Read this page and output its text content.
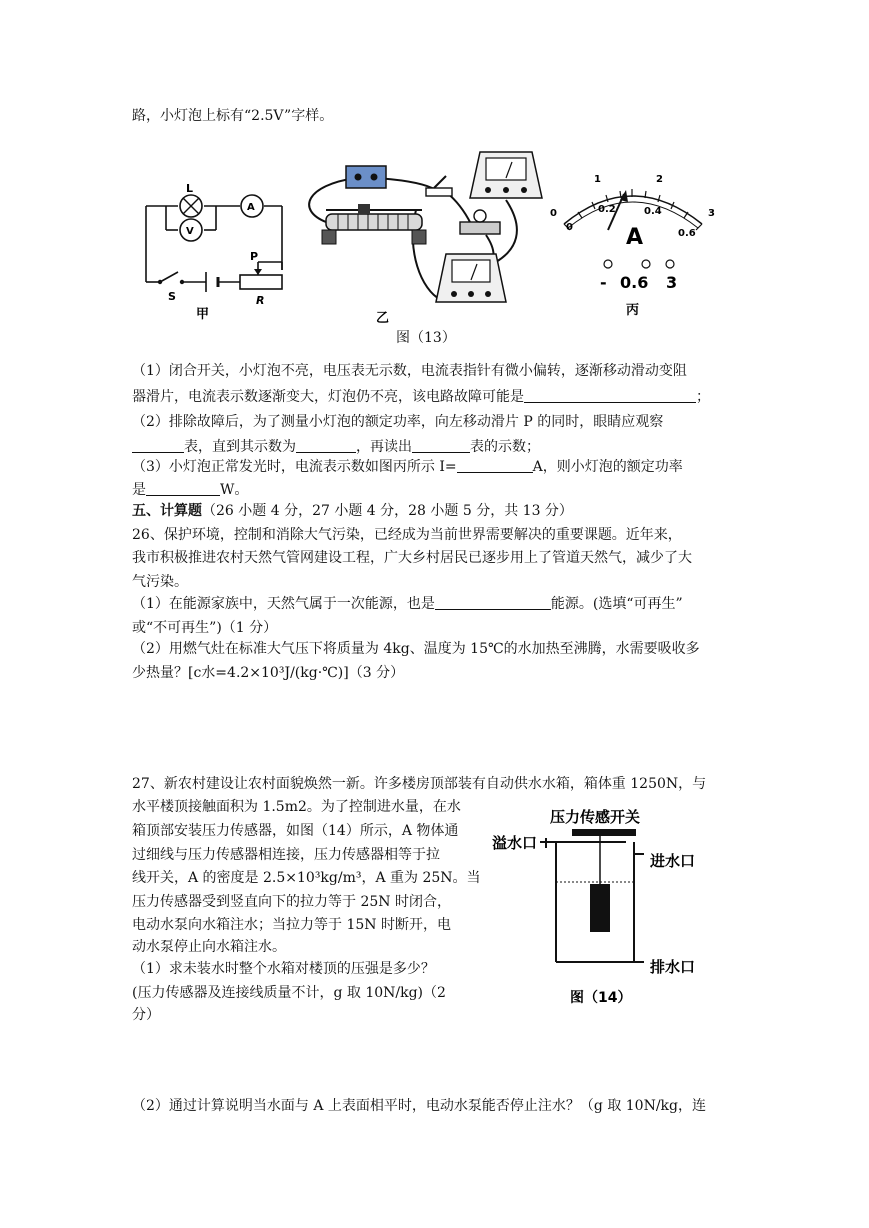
路，小灯泡上标有“2.5V”字样。
L
A
V
P
S	R
甲	乙
0
1	2
3
0
0.2	0.4
0.6
A
- 0.6 3
丙
图（13）
（1）闭合开关，小灯泡不亮，电压表无示数，电流表指针有微小偏转，逐渐移动滑动变阻
器滑片，电流表示数逐渐变大，灯泡仍不亮，该电路故障可能是	；
（2）排除故障后，为了测量小灯泡的额定功率，向左移动滑片 P 的同时，眼睛应观察
表，直到其示数为	，再读出	表的示数；
（3）小灯泡正常发光时，电流表示数如图丙所示 I=	A，则小灯泡的额定功率
是	W。
五、计算题（26 小题 4 分，27 小题 4 分，28 小题 5 分，共 13 分）
26、保护环境，控制和消除大气污染，已经成为当前世界需要解决的重要课题。近年来，
我市积极推进农村天然气管网建设工程，广大乡村居民已逐步用上了管道天然气，减少了大
气污染。
（1）在能源家族中，天然气属于一次能源，也是	能源。(选填“可再生”
或“不可再生”)（1 分）
（2）用燃气灶在标准大气压下将质量为 4kg、温度为 15℃的水加热至沸腾，水需要吸收多
少热量？[c水=4.2×10³J/(kg·℃)]（3 分）
27、新农村建设让农村面貌焕然一新。许多楼房顶部装有自动供水水箱，箱体重 1250N，与
水平楼顶接触面积为 1.5m2。为了控制进水量，在水
箱顶部安装压力传感器，如图（14）所示，A 物体通
过细线与压力传感器相连接，压力传感器相等于拉
线开关，A 的密度是 2.5×10³kg/m³，A 重为 25N。当
压力传感器受到竖直向下的拉力等于 25N 时闭合，
电动水泵向水箱注水；当拉力等于 15N 时断开，电
动水泵停止向水箱注水。
（1）求未装水时整个水箱对楼顶的压强是多少？
(压力传感器及连接线质量不计，g 取 10N/kg)（2
分）
（2）通过计算说明当水面与 A 上表面相平时，电动水泵能否停止注水？（g 取 10N/kg，连
压力传感开关
溢水口
进水口
排水口
图（14）
